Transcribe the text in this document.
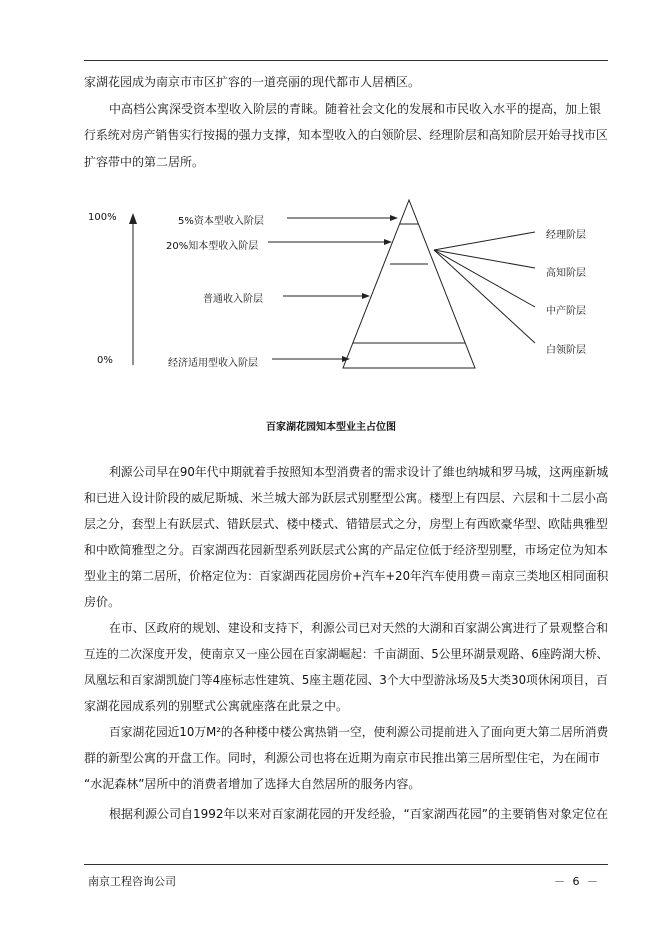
家湖花园成为南京市市区扩容的一道亮丽的现代都市人居栖区。
中高档公寓深受资本型收入阶层的青睐。随着社会文化的发展和市民收入水平的提高，加上银
行系统对房产销售实行按揭的强力支撑，知本型收入的白领阶层、经理阶层和高知阶层开始寻找市区
扩容带中的第二居所。
100%
0%
5%资本型收入阶层
20%知本型收入阶层
普通收入阶层
经济适用型收入阶层
经理阶层
高知阶层
中产阶层
白领阶层
百家湖花园知本型业主占位图
利源公司早在90年代中期就着手按照知本型消费者的需求设计了維也纳城和罗马城，这两座新城
和已进入设计阶段的威尼斯城、米兰城大部为跃层式别墅型公寓。楼型上有四层、六层和十二层小高
层之分，套型上有跃层式、错跃层式、楼中楼式、错错层式之分，房型上有西欧豪华型、欧陆典雅型
和中欧简雅型之分。百家湖西花园新型系列跃层式公寓的产品定位低于经济型别墅，市场定位为知本
型业主的第二居所，价格定位为：百家湖西花园房价+汽车+20年汽车使用费＝南京三类地区相同面积
房价。
在市、区政府的规划、建设和支持下，利源公司已对天然的大湖和百家湖公寓进行了景观整合和
互连的二次深度开发，使南京又一座公园在百家湖崛起：千亩湖面、5公里环湖景观路、6座跨湖大桥、
凤凰坛和百家湖凯旋门等4座标志性建筑、5座主题花园、3个大中型游泳场及5大类30项休闲项目，百
家湖花园成系列的别墅式公寓就座落在此景之中。
百家湖花园近10万M²的各种楼中楼公寓热销一空，使利源公司提前进入了面向更大第二居所消费
群的新型公寓的开盘工作。同时，利源公司也将在近期为南京市民推出第三居所型住宅，为在闹市
“水泥森林”居所中的消费者增加了选择大自然居所的服务内容。
根据利源公司自1992年以来对百家湖花园的开发经验，“百家湖西花园”的主要销售对象定位在
南京工程咨询公司	－ 6 －
